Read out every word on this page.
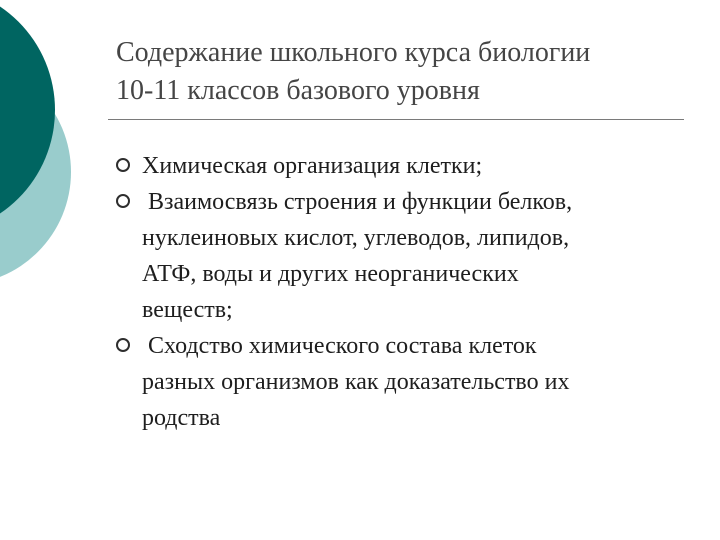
Содержание школьного курса биологии
10-11 классов базового уровня
Химическая организация клетки;
Взаимосвязь строения и функции белков,
нуклеиновых кислот, углеводов, липидов,
АТФ, воды и других неорганических
веществ;
Сходство химического состава клеток
разных организмов как доказательство их
родства
